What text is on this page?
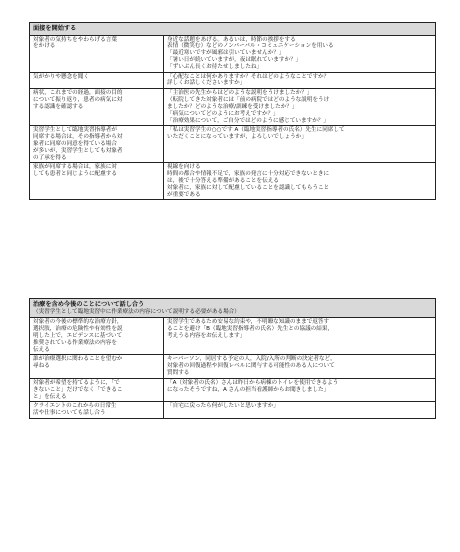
面接を開始する	

対象者の気持ちをやわらげる言葉
をかける	身近な話題をあげる。あるいは，時節の挨拶をする
表情（微笑む）などのノンバーバル・コミュニケーションを用いる
「最近寒いですが風邪は引いていませんか？」
「暑い日が続いていますが，夜は眠れていますか？」
「ずいぶん長くお待たせしましたね」

気がかりや懸念を聞く	「心配なことは何かありますか？それはどのようなことですか？
詳しくお話しくださいますか」

病状，これまでの経過，面接の目的
について振り返り，患者の病気に対
する認識を確認する	「主治医の先生からはどのような説明をうけましたか？」
（転院してきた対象者には「前の病院ではどのような説明をうけ
ましたか？どのような治療/訓練を受けましたか？」
「病気についてどのようにお考えですか？」
「治療効果について，ご自分ではどのように感じていますか？」

実習学生として臨地実習指導者が
同席する場合は，その指導者から対
象者に同席の同意を得ている場合
が多いが，実習学生としても対象者
の了承を得る	「私は実習学生の○○です A（臨地実習指導者の氏名）先生に同席して
いただくことになっていますが，よろしいでしょうか」

家族が同席する場合は，家族に対
しても患者と同じように配慮する	視線を向ける
時間の都合や情報不足で，家族の発言に十分対応できないときに
は，後で十分答える準備があることを伝える
対象者に，家族に対して配慮していることを認識してもらうこと
が重要である
治療を含め今後のことについて話し合う
（実習学生として臨地実習中に作業療法の内容について説明する必要がある場合）	

対象者の今後の標準的な治療方針，
選択肢，治療の危険性や有効性を説
明した上で，エビデンスに基づいて
推奨されている作業療法の内容を
伝える	実習学生であるため安易な約束や，不明瞭な知識のままで返答す
ることを避け「B（臨地実習指導者の氏名）先生との協議の結果，
考えうる内容をお伝えします」

誰が治療選択に関わることを望むか
尋ねる	キーパーソン，同居する予定の人，入院/入所の判断の決定者など，
対象者の回復過程や回復レベルに関与する可能性のある人について
質問する

対象者が希望を持てるように，「で
きないこと」だけでなく「できるこ
と」を伝える	「A（対象者の氏名）さんは昨日から病棟のトイレを使用できるよう
になったそうですね，A さんの担当看護師からお聞きしました」

クライエントのこれからの日常生
活や仕事についても話し合う	「自宅に戻ったら何がしたいと思いますか」
